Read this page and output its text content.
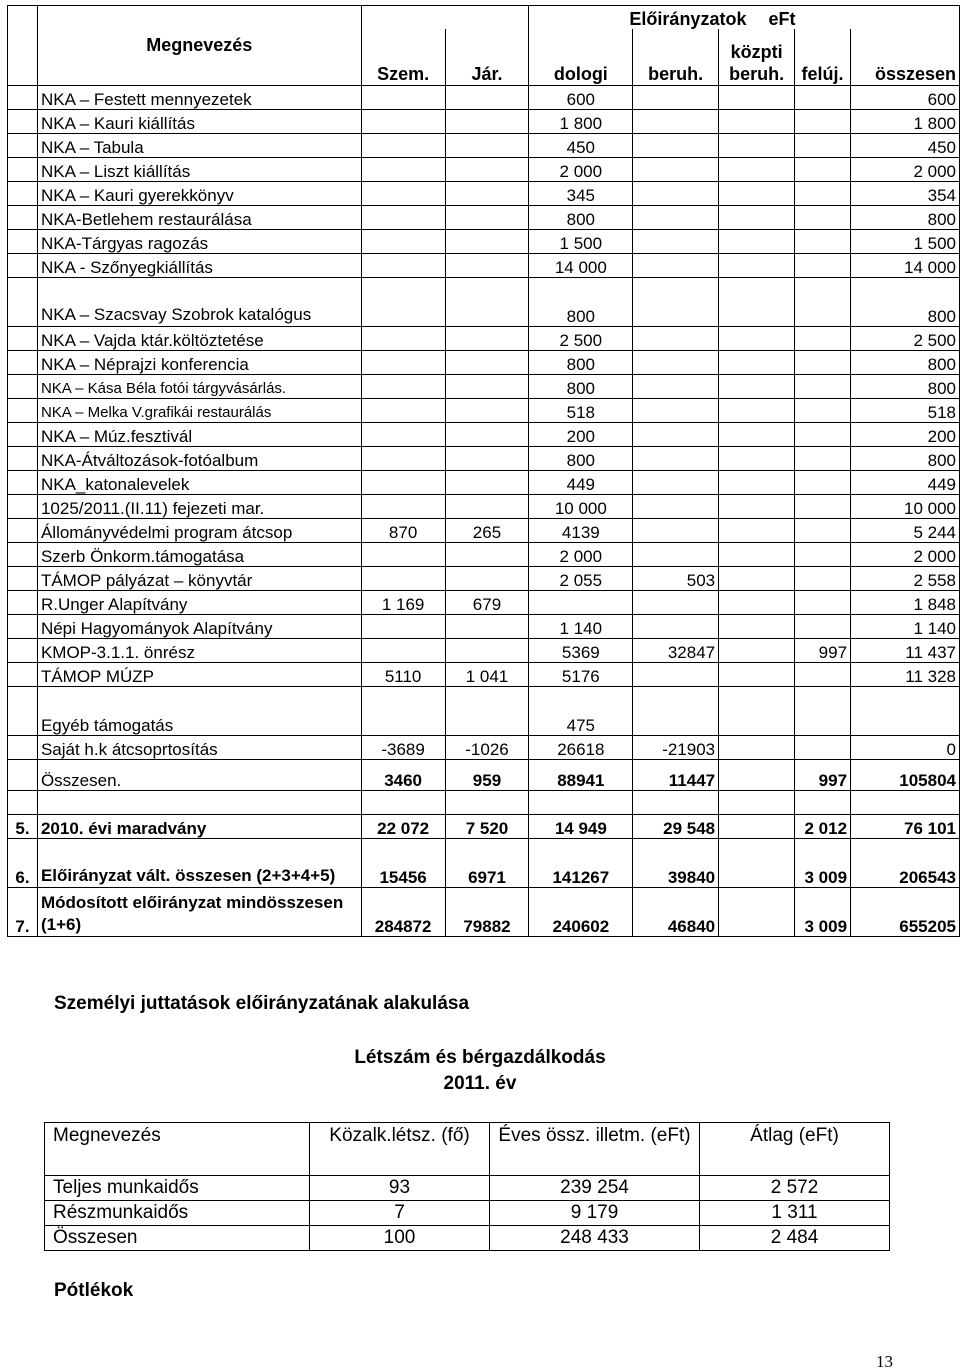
	Megnevezés			Előirányzatok eFt				
		Szem.	Jár.	dologi	beruh.	közpti beruh.	felúj.	összesen
	NKA – Festett mennyezetek			600				600
	NKA – Kauri kiállítás			1 800				1 800
	NKA – Tabula			450				450
	NKA – Liszt kiállítás			2 000				2 000
	NKA – Kauri gyerekkönyv			345				354
	NKA-Betlehem restaurálása			800				800
	NKA-Tárgyas ragozás			1 500				1 500
	NKA - Szőnyegkiállítás			14 000				14 000
	NKA – Szacsvay Szobrok katalógus			800				800
	NKA – Vajda ktár.költöztetése			2 500				2 500
	NKA – Néprajzi konferencia			800				800
	NKA – Kása Béla fotói tárgyvásárlás.			800				800
	NKA – Melka V.grafikái restaurálás			518				518
	NKA – Múz.fesztivál			200				200
	NKA-Átváltozások-fotóalbum			800				800
	NKA_katonalevelek			449				449
	1025/2011.(II.11) fejezeti mar.			10 000				10 000
	Állományvédelmi program átcsop	870	265	4139				5 244
	Szerb Önkorm.támogatása			2 000				2 000
	TÁMOP pályázat – könyvtár			2 055	503			2 558
	R.Unger Alapítvány	1 169	679					1 848
	Népi Hagyományok Alapítvány			1 140				1 140
	KMOP-3.1.1. önrész			5369	32847		997	11 437
	TÁMOP MÚZP	5110	1 041	5176				11 328
	Egyéb támogatás			475				
	Saját h.k átcsoprtosítás	-3689	-1026	26618	-21903			0
	Összesen.	3460	959	88941	11447		997	105804

5.	2010. évi maradvány	22 072	7 520	14 949	29 548		2 012	76 101
6.	Előirányzat vált. összesen (2+3+4+5)	15456	6971	141267	39840		3 009	206543
7.	Módosított előirányzat mindösszesen (1+6)	284872	79882	240602	46840		3 009	655205
Személyi juttatások előirányzatának alakulása
Létszám és bérgazdálkodás
2011. év
Megnevezés	Közalk.létsz. (fő)	Éves össz. illetm. (eFt)	Átlag (eFt)
Teljes munkaidős	93	239 254	2 572
Részmunkaidős	7	9 179	1 311
Összesen	100	248 433	2 484
Pótlékok
13
